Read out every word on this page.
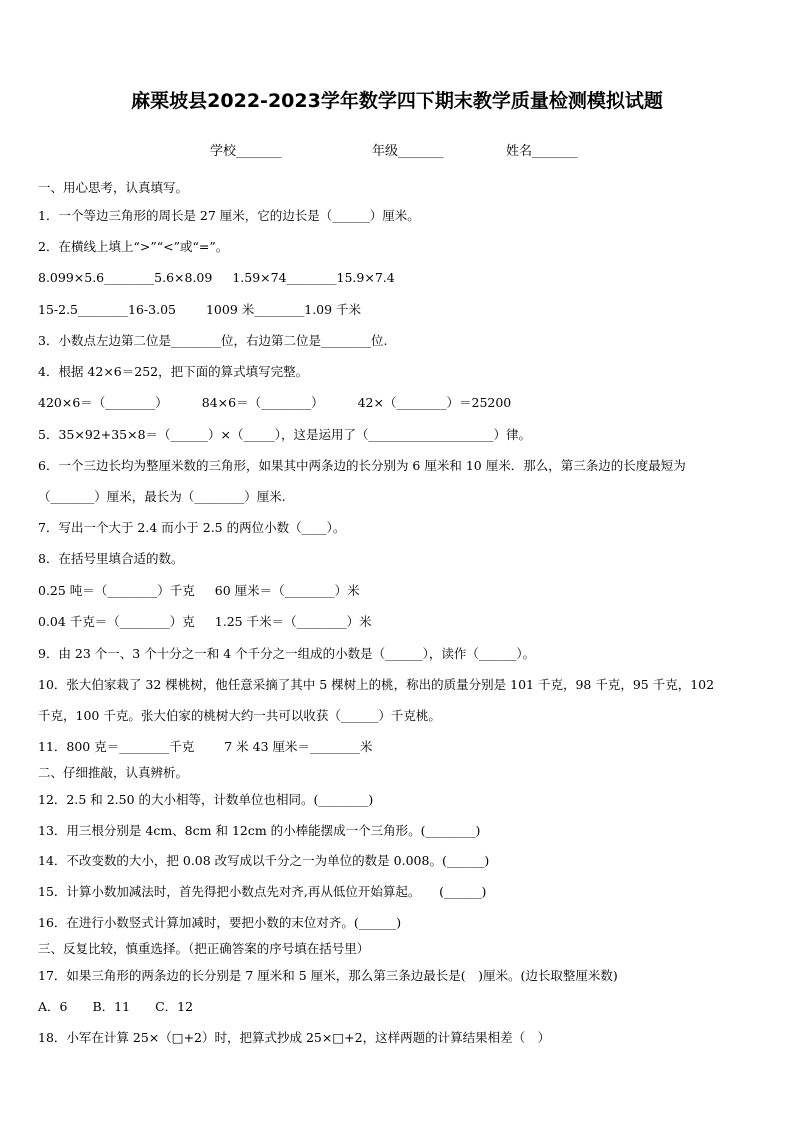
麻栗坡县2022-2023学年数学四下期末教学质量检测模拟试题
学校_______	年级_______	姓名_______
一、用心思考，认真填写。
1．一个等边三角形的周长是 27 厘米，它的边长是（______）厘米。
2．在横线上填上“>”“<”或“=”。
8.099×5.6________5.6×8.09 1.59×74________15.9×7.4
15-2.5________16-3.05 1009 米________1.09 千米
3．小数点左边第二位是________位，右边第二位是________位.
4．根据 42×6＝252，把下面的算式填写完整。
420×6＝（________）	84×6＝（________）	42×（________）＝25200
5．35×92+35×8＝（______）×（_____），这是运用了（____________________）律。
6．一个三边长均为整厘米数的三角形，如果其中两条边的长分别为 6 厘米和 10 厘米．那么，第三条边的长度最短为
（_______）厘米，最长为（________）厘米.
7．写出一个大于 2.4 而小于 2.5 的两位小数（____）。
8．在括号里填合适的数。
0.25 吨＝（________）千克 60 厘米＝（________）米
0.04 千克＝（________）克 1.25 千米＝（________）米
9．由 23 个一、3 个十分之一和 4 个千分之一组成的小数是（______），读作（______）。
10．张大伯家栽了 32 棵桃树，他任意采摘了其中 5 棵树上的桃，称出的质量分别是 101 千克，98 千克，95 千克，102
千克，100 千克。张大伯家的桃树大约一共可以收获（______）千克桃。
11．800 克＝________千克 7 米 43 厘米＝________米
二、仔细推敲，认真辨析。
12．2.5 和 2.50 的大小相等，计数单位也相同。(________)
13．用三根分别是 4cm、8cm 和 12cm 的小棒能摆成一个三角形。(________)
14．不改变数的大小，把 0.08 改写成以千分之一为单位的数是 0.008。(______)
15．计算小数加减法时，首先得把小数点先对齐,再从低位开始算起。　　(______)
16．在进行小数竖式计算加减时，要把小数的末位对齐。(______)
三、反复比较，慎重选择。（把正确答案的序号填在括号里）
17．如果三角形的两条边的长分别是 7 厘米和 5 厘米，那么第三条边最长是(　)厘米。(边长取整厘米数)
A．6　　B．11　　C．12
18．小军在计算 25×（□+2）时，把算式抄成 25×□+2，这样两题的计算结果相差（　）
